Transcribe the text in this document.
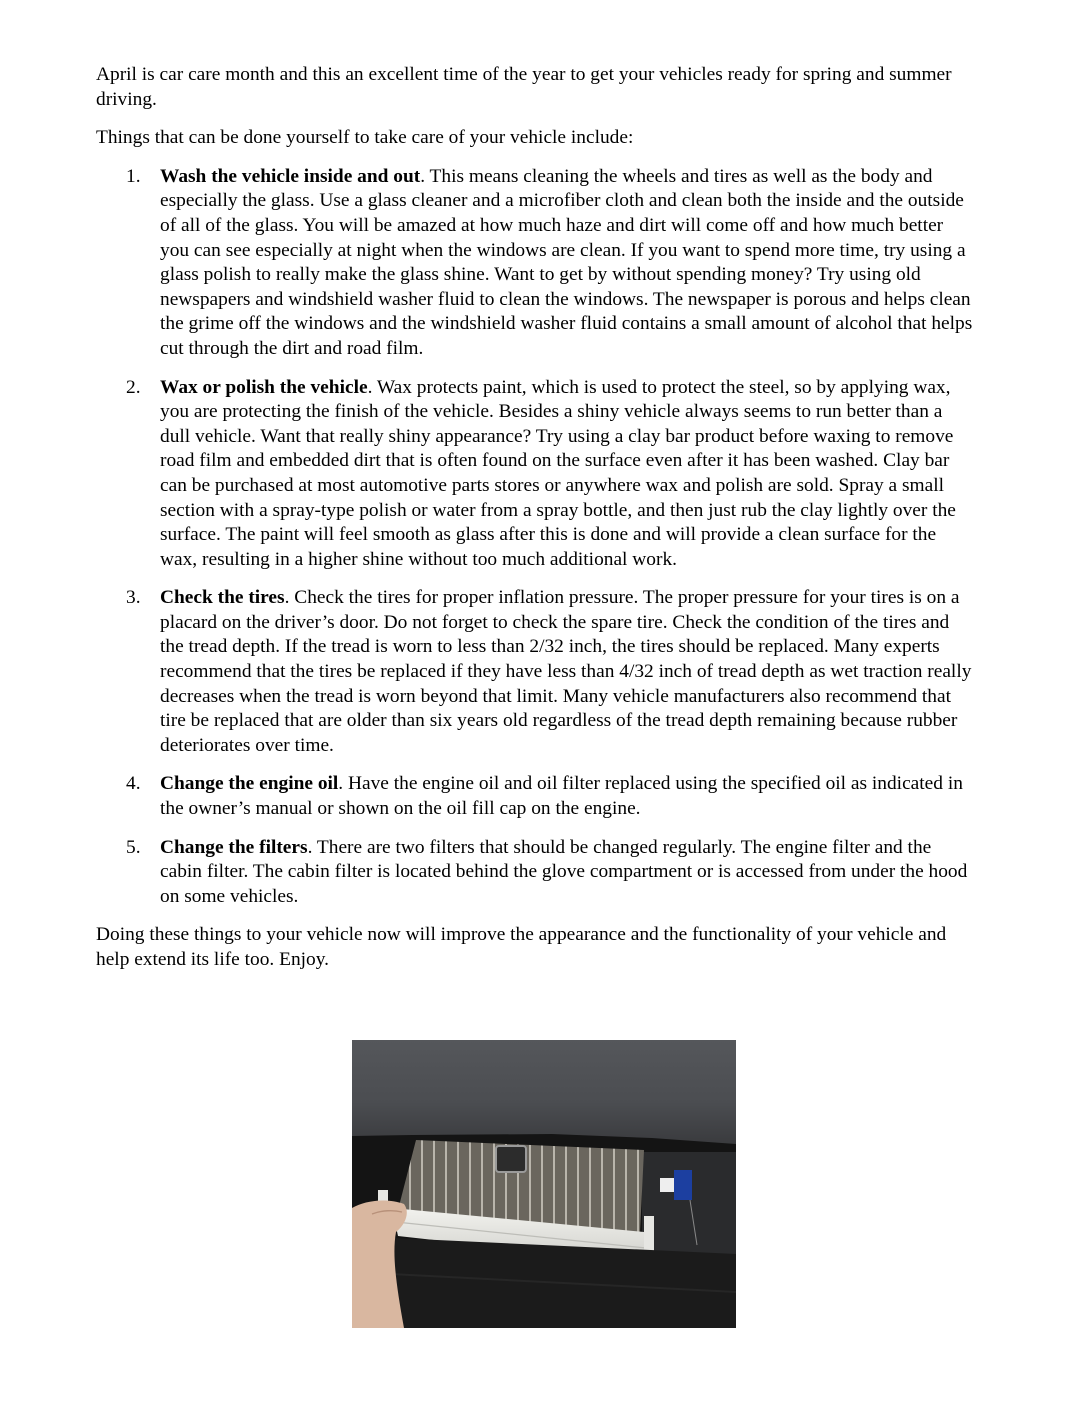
April is car care month and this an excellent time of the year to get your vehicles ready for spring and summer driving.

Things that can be done yourself to take care of your vehicle include:

1. Wash the vehicle inside and out. This means cleaning the wheels and tires as well as the body and especially the glass. Use a glass cleaner and a microfiber cloth and clean both the inside and the outside of all of the glass. You will be amazed at how much haze and dirt will come off and how much better you can see especially at night when the windows are clean. If you want to spend more time, try using a glass polish to really make the glass shine. Want to get by without spending money? Try using old newspapers and windshield washer fluid to clean the windows. The newspaper is porous and helps clean the grime off the windows and the windshield washer fluid contains a small amount of alcohol that helps cut through the dirt and road film.
2. Wax or polish the vehicle. Wax protects paint, which is used to protect the steel, so by applying wax, you are protecting the finish of the vehicle. Besides a shiny vehicle always seems to run better than a dull vehicle. Want that really shiny appearance? Try using a clay bar product before waxing to remove road film and embedded dirt that is often found on the surface even after it has been washed. Clay bar can be purchased at most automotive parts stores or anywhere wax and polish are sold. Spray a small section with a spray-type polish or water from a spray bottle, and then just rub the clay lightly over the surface. The paint will feel smooth as glass after this is done and will provide a clean surface for the wax, resulting in a higher shine without too much additional work.
3. Check the tires. Check the tires for proper inflation pressure. The proper pressure for your tires is on a placard on the driver’s door. Do not forget to check the spare tire. Check the condition of the tires and the tread depth. If the tread is worn to less than 2/32 inch, the tires should be replaced. Many experts recommend that the tires be replaced if they have less than 4/32 inch of tread depth as wet traction really decreases when the tread is worn beyond that limit. Many vehicle manufacturers also recommend that tire be replaced that are older than six years old regardless of the tread depth remaining because rubber deteriorates over time.
4. Change the engine oil. Have the engine oil and oil filter replaced using the specified oil as indicated in the owner’s manual or shown on the oil fill cap on the engine.
5. Change the filters. There are two filters that should be changed regularly. The engine filter and the cabin filter. The cabin filter is located behind the glove compartment or is accessed from under the hood on some vehicles.

Doing these things to your vehicle now will improve the appearance and the functionality of your vehicle and help extend its life too. Enjoy.
